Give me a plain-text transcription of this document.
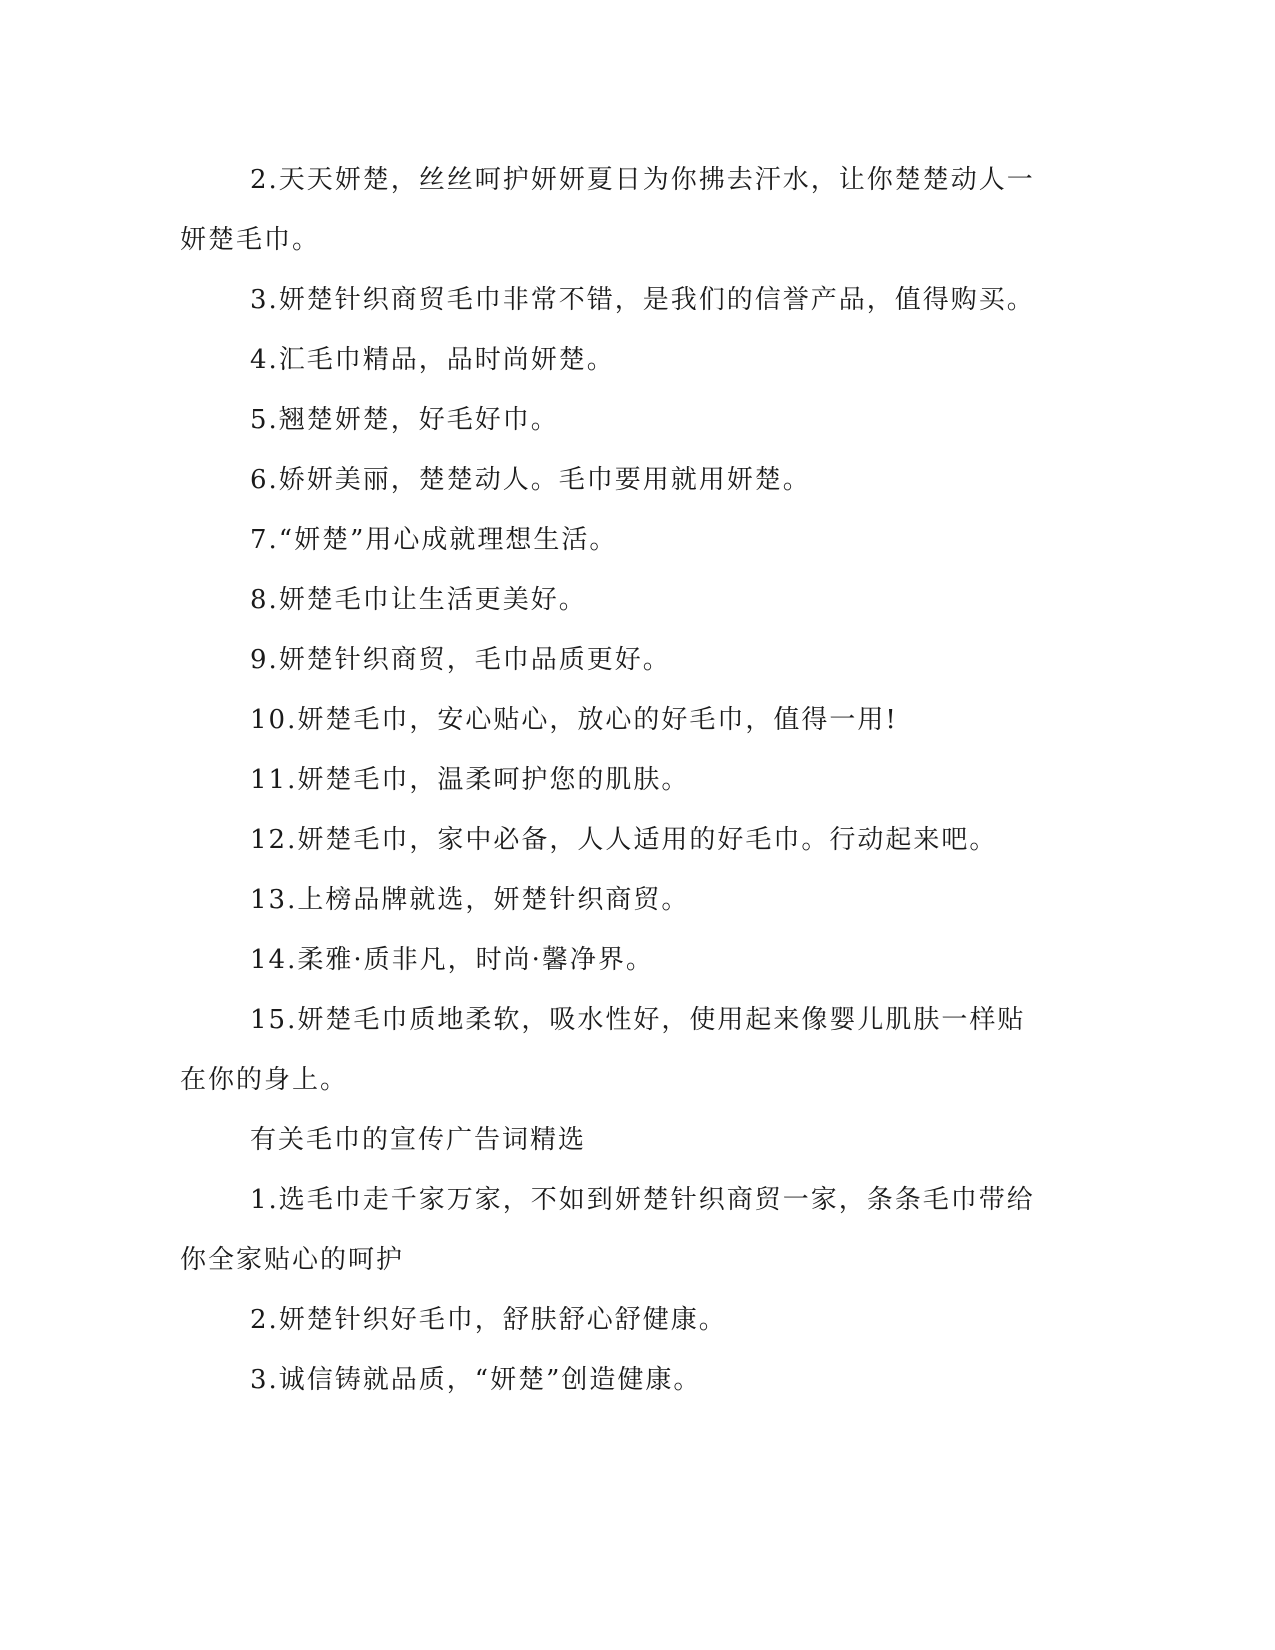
2.天天妍楚，丝丝呵护妍妍夏日为你拂去汗水，让你楚楚动人一妍楚毛巾。

3.妍楚针织商贸毛巾非常不错，是我们的信誉产品，值得购买。

4.汇毛巾精品，品时尚妍楚。

5.翘楚妍楚，好毛好巾。

6.娇妍美丽，楚楚动人。毛巾要用就用妍楚。

7.“妍楚”用心成就理想生活。

8.妍楚毛巾让生活更美好。

9.妍楚针织商贸，毛巾品质更好。

10.妍楚毛巾，安心贴心，放心的好毛巾，值得一用!

11.妍楚毛巾，温柔呵护您的肌肤。

12.妍楚毛巾，家中必备，人人适用的好毛巾。行动起来吧。

13.上榜品牌就选，妍楚针织商贸。

14.柔雅·质非凡，时尚·馨净界。

15.妍楚毛巾质地柔软，吸水性好，使用起来像婴儿肌肤一样贴在你的身上。

有关毛巾的宣传广告词精选

1.选毛巾走千家万家，不如到妍楚针织商贸一家，条条毛巾带给你全家贴心的呵护

2.妍楚针织好毛巾，舒肤舒心舒健康。

3.诚信铸就品质，“妍楚”创造健康。
